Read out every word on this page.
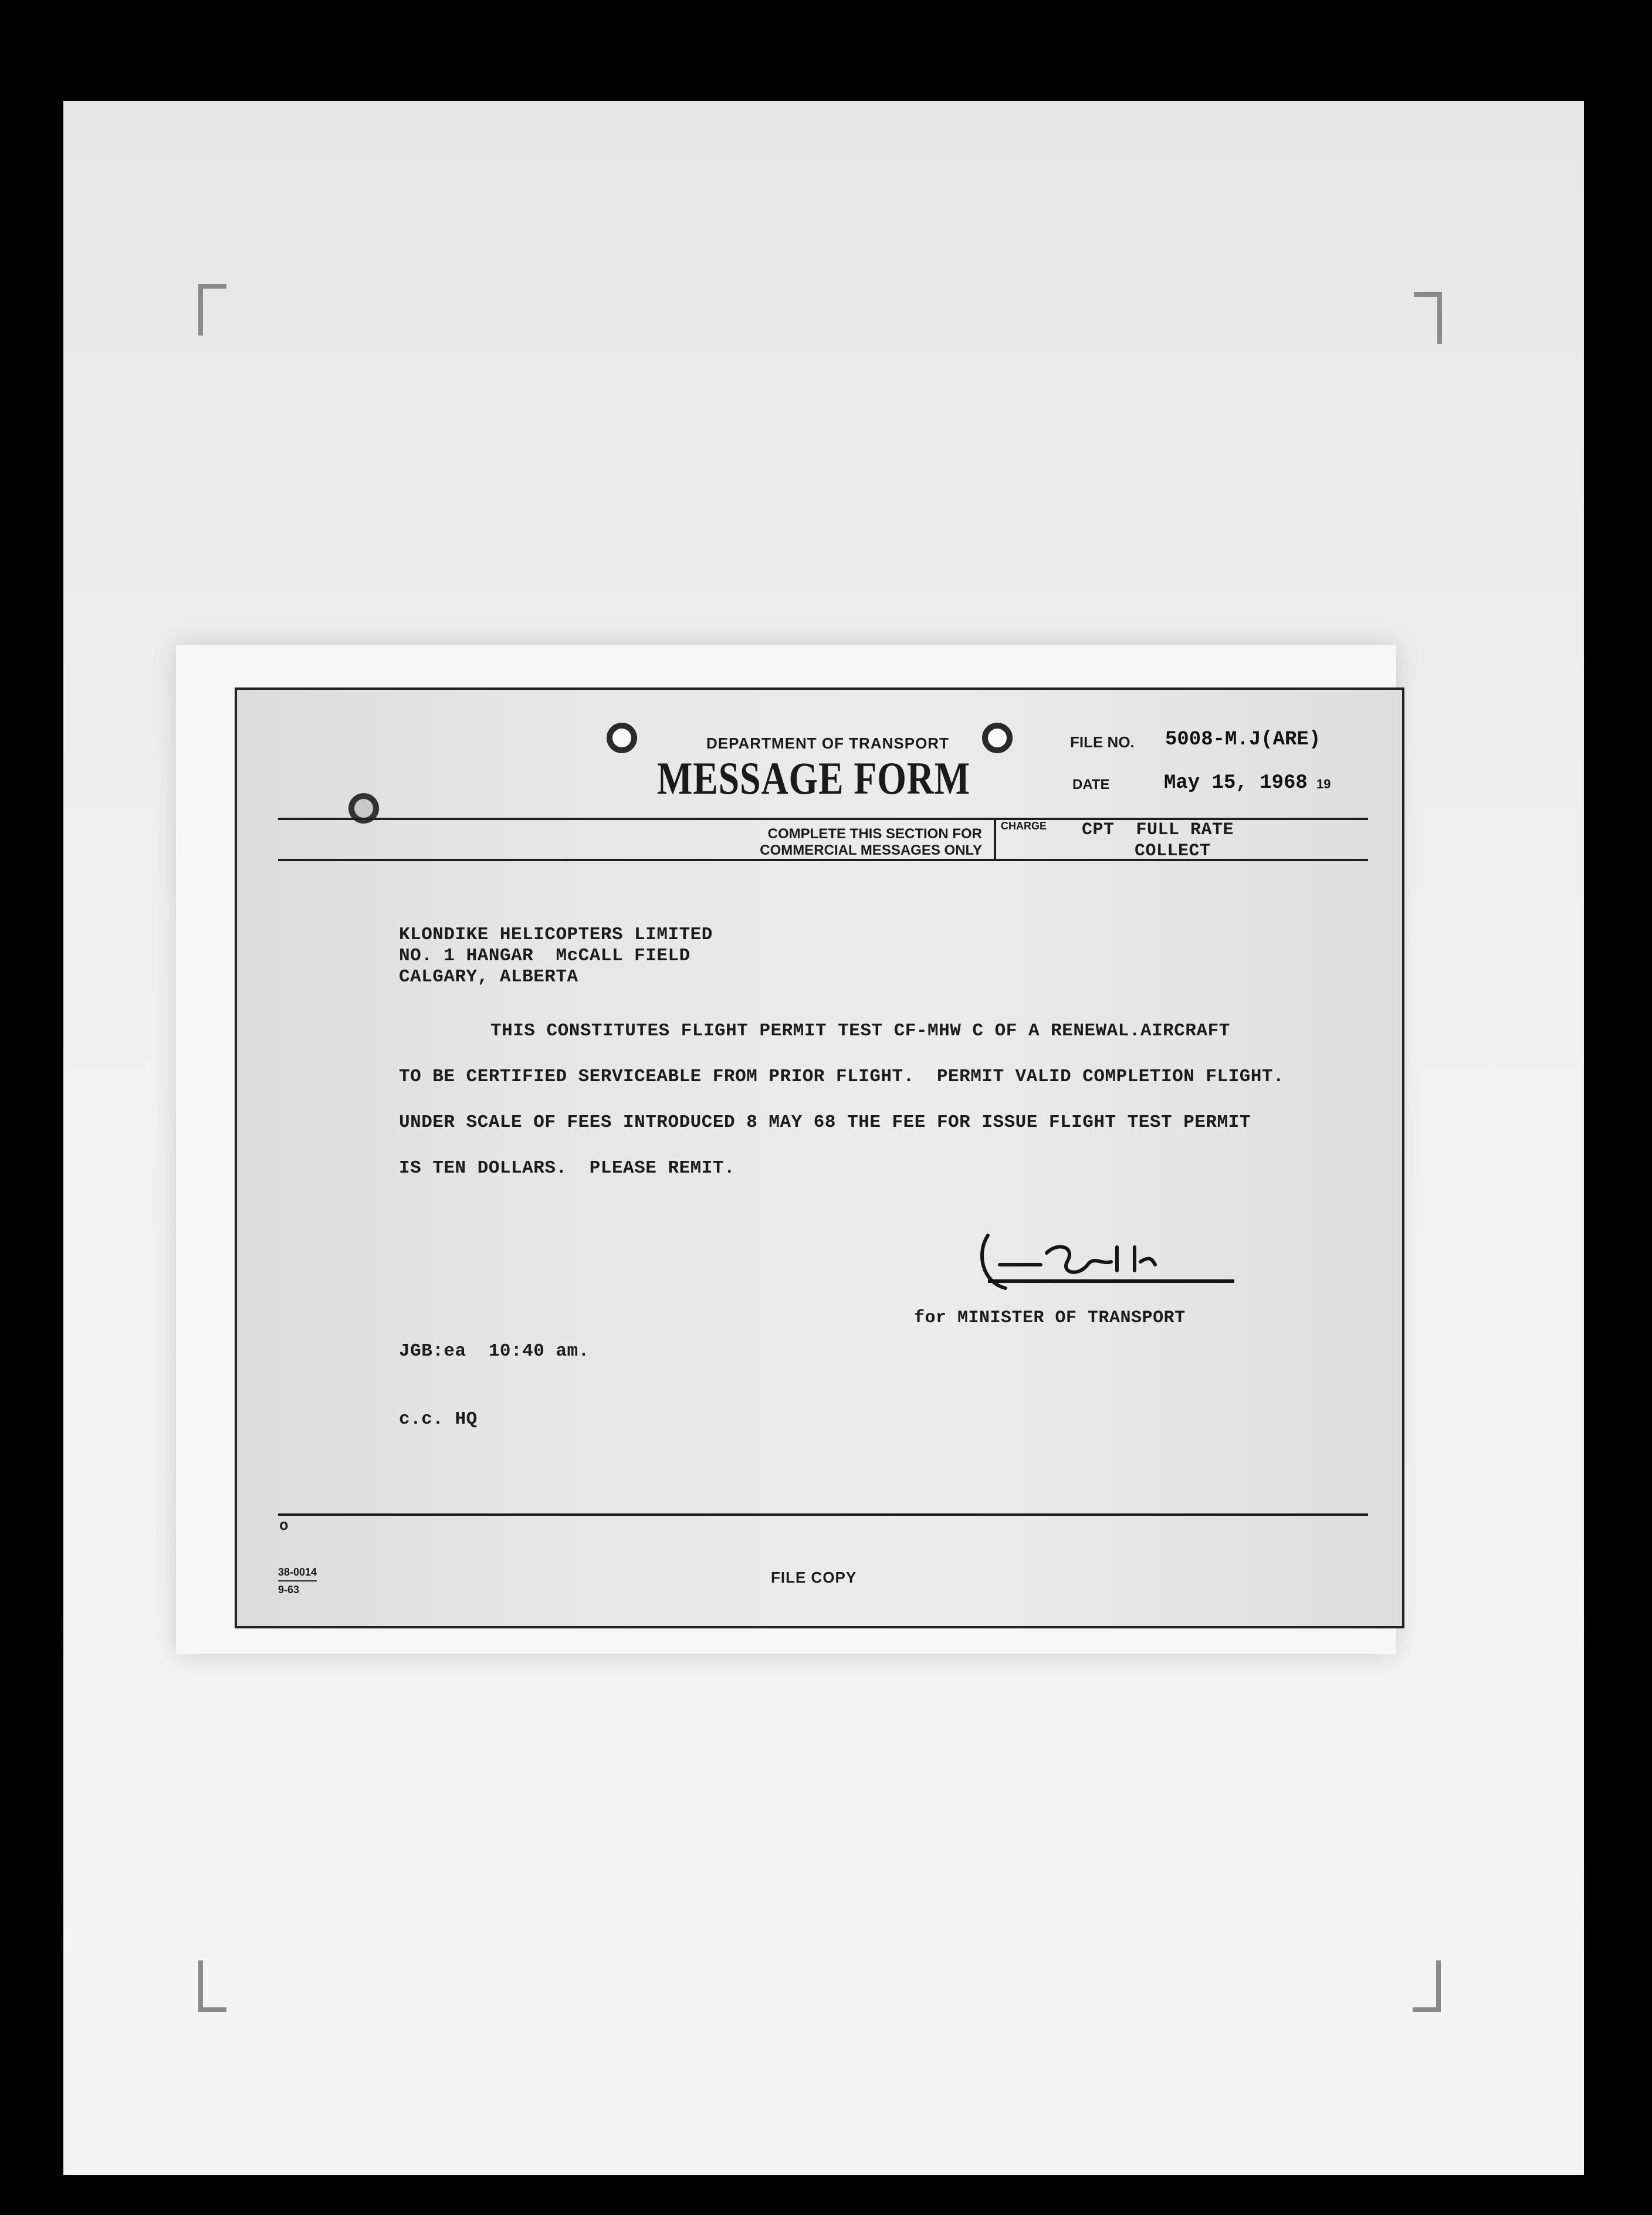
DEPARTMENT OF TRANSPORT
MESSAGE FORM
FILE NO. 5008-M.J(ARE)
DATE	May 15, 1968 19
COMPLETE THIS SECTION FOR
COMMERCIAL MESSAGES ONLY
CHARGE CPT  FULL RATE
COLLECT
KLONDIKE HELICOPTERS LIMITED
NO. 1 HANGAR  McCALL FIELD
CALGARY, ALBERTA
THIS CONSTITUTES FLIGHT PERMIT TEST CF-MHW C OF A RENEWAL.AIRCRAFT
TO BE CERTIFIED SERVICEABLE FROM PRIOR FLIGHT.  PERMIT VALID COMPLETION FLIGHT.
UNDER SCALE OF FEES INTRODUCED 8 MAY 68 THE FEE FOR ISSUE FLIGHT TEST PERMIT
IS TEN DOLLARS.  PLEASE REMIT.
for MINISTER OF TRANSPORT
JGB:ea  10:40 am.
c.c. HQ
o
38-0014
9-63
FILE COPY
